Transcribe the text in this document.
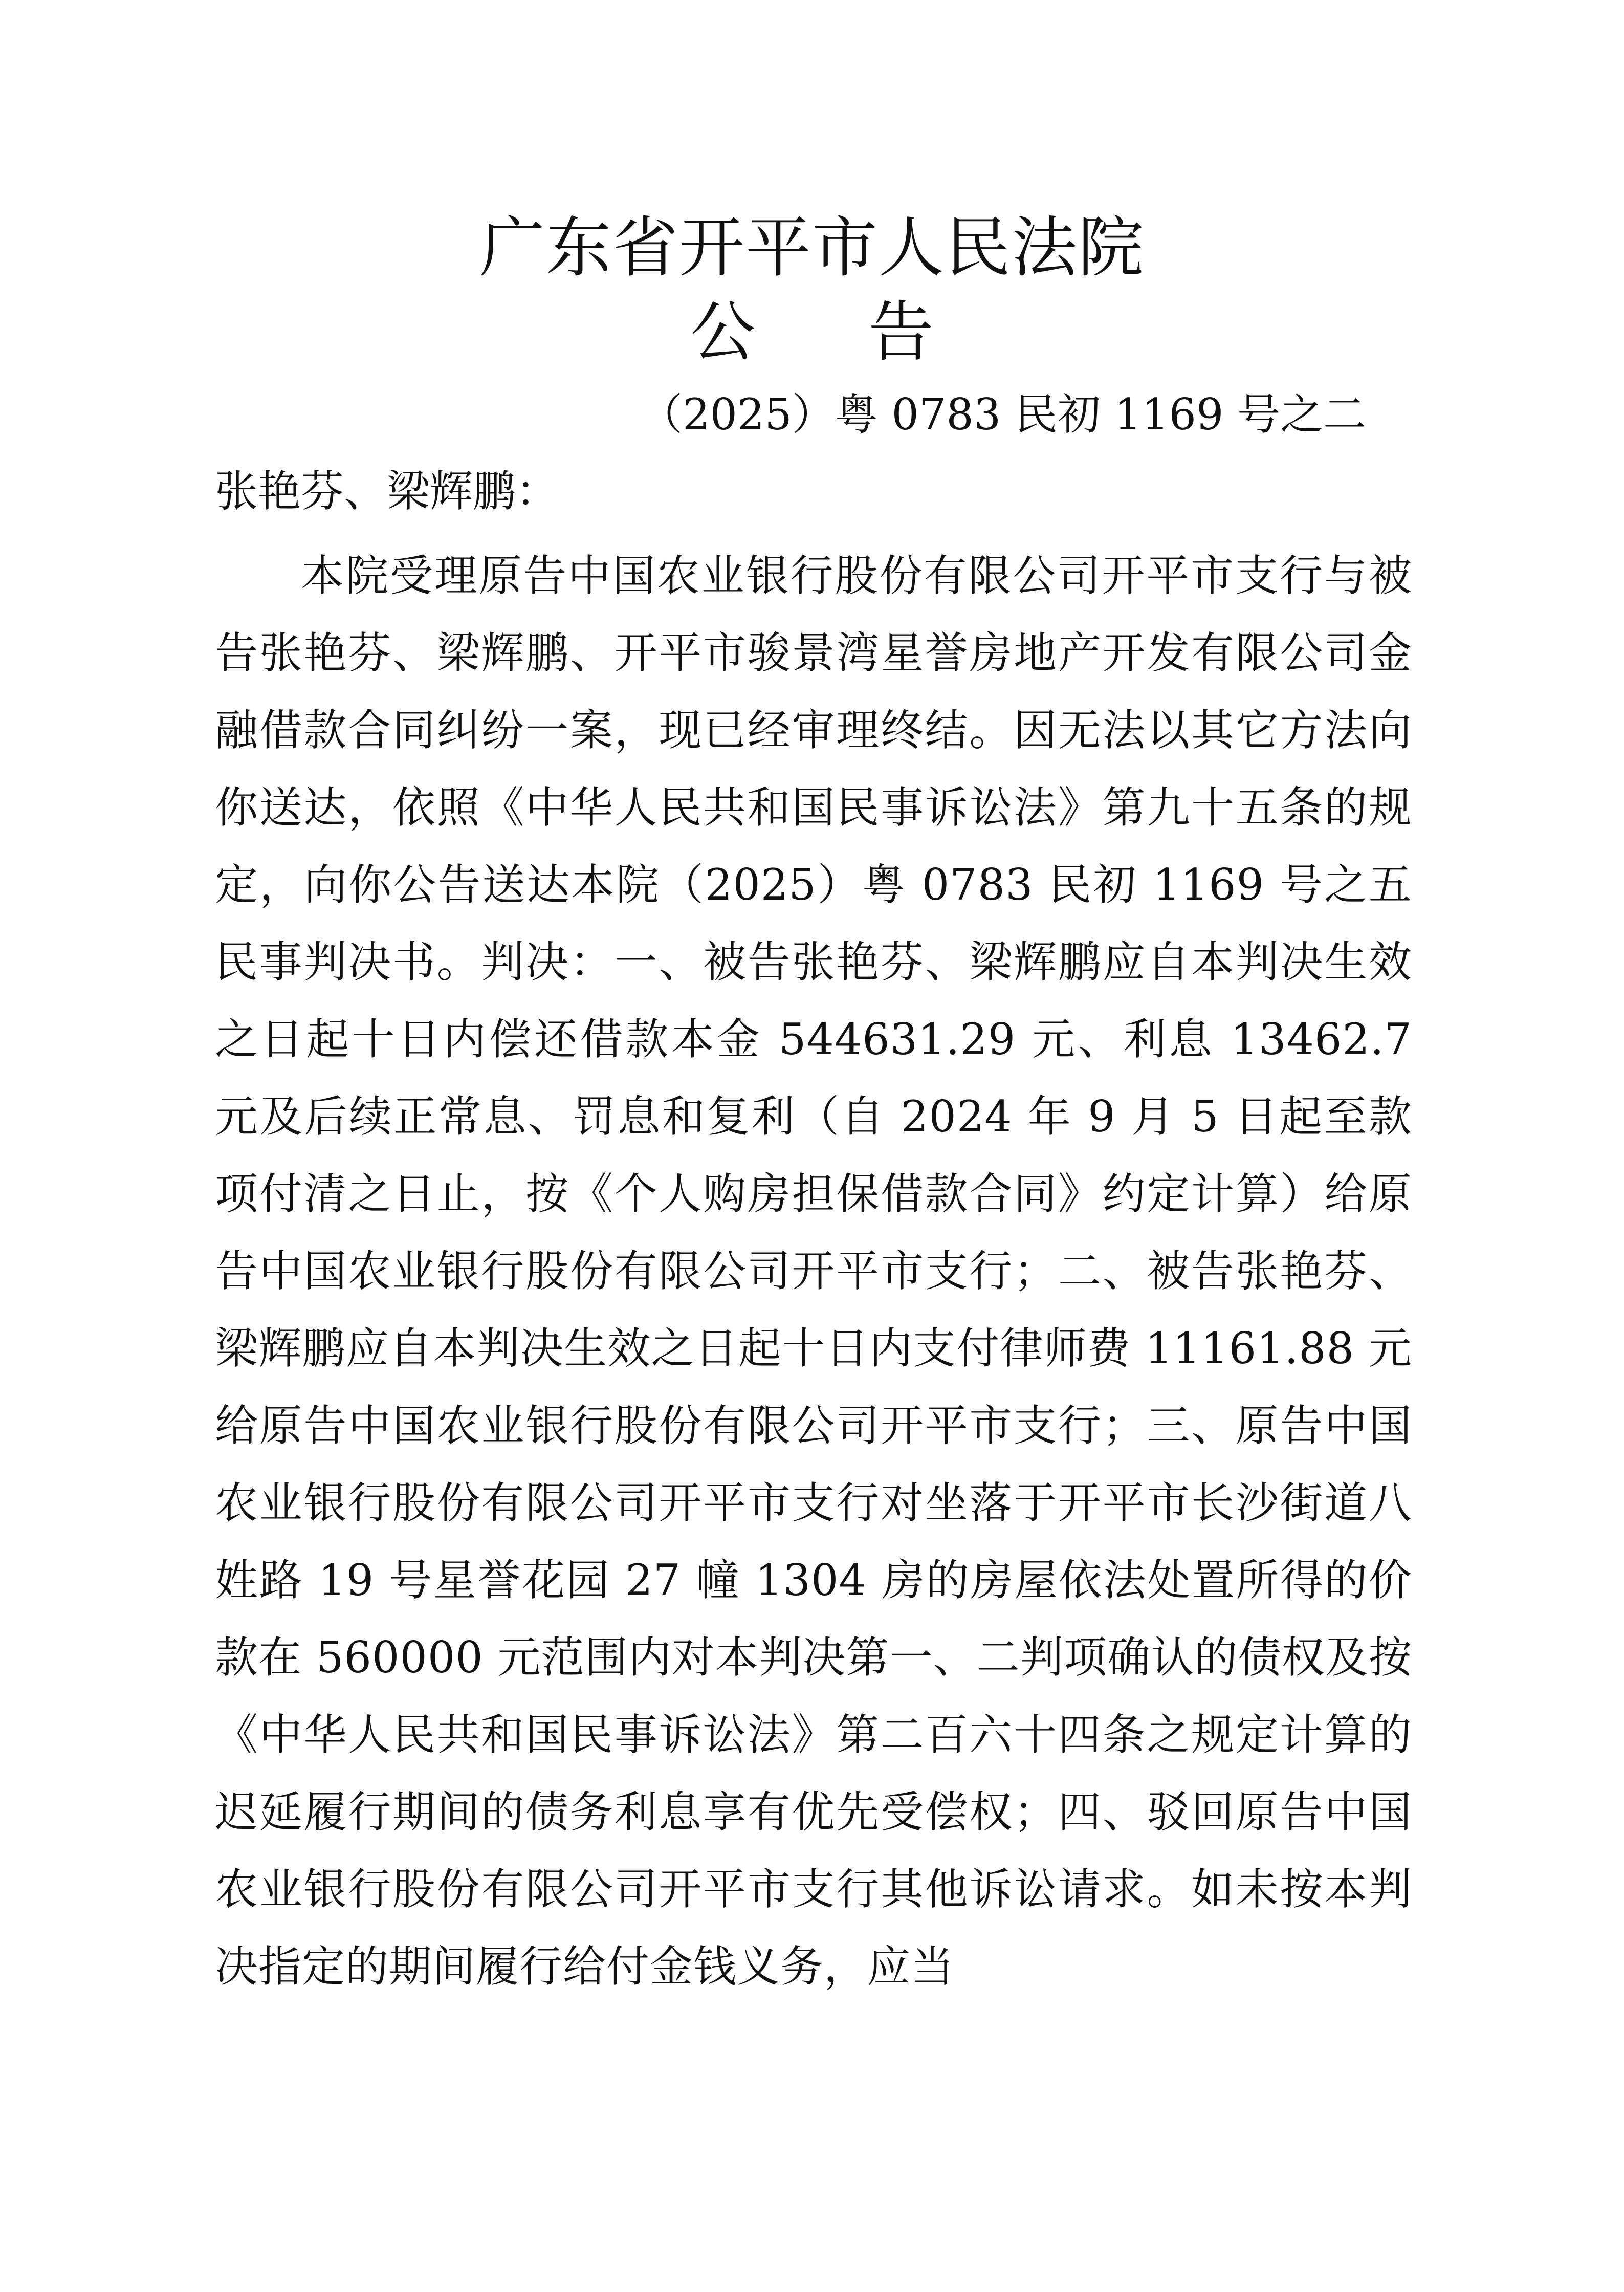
广东省开平市人民法院
公 告
（2025）粤 0783 民初 1169 号之二
张艳芬、梁辉鹏：
本院受理原告中国农业银行股份有限公司开平市支行与被告张艳芬、梁辉鹏、开平市骏景湾星誉房地产开发有限公司金融借款合同纠纷一案，现已经审理终结。因无法以其它方法向你送达，依照《中华人民共和国民事诉讼法》第九十五条的规定，向你公告送达本院（2025）粤 0783 民初 1169 号之五民事判决书。判决：一、被告张艳芬、梁辉鹏应自本判决生效之日起十日内偿还借款本金 544631.29 元、利息 13462.7 元及后续正常息、罚息和复利（自 2024 年 9 月 5 日起至款项付清之日止，按《个人购房担保借款合同》约定计算）给原告中国农业银行股份有限公司开平市支行；二、被告张艳芬、梁辉鹏应自本判决生效之日起十日内支付律师费 11161.88 元给原告中国农业银行股份有限公司开平市支行；三、原告中国农业银行股份有限公司开平市支行对坐落于开平市长沙街道八姓路 19 号星誉花园 27 幢 1304 房的房屋依法处置所得的价款在 560000 元范围内对本判决第一、二判项确认的债权及按《中华人民共和国民事诉讼法》第二百六十四条之规定计算的迟延履行期间的债务利息享有优先受偿权；四、驳回原告中国农业银行股份有限公司开平市支行其他诉讼请求。如未按本判决指定的期间履行给付金钱义务，应当
